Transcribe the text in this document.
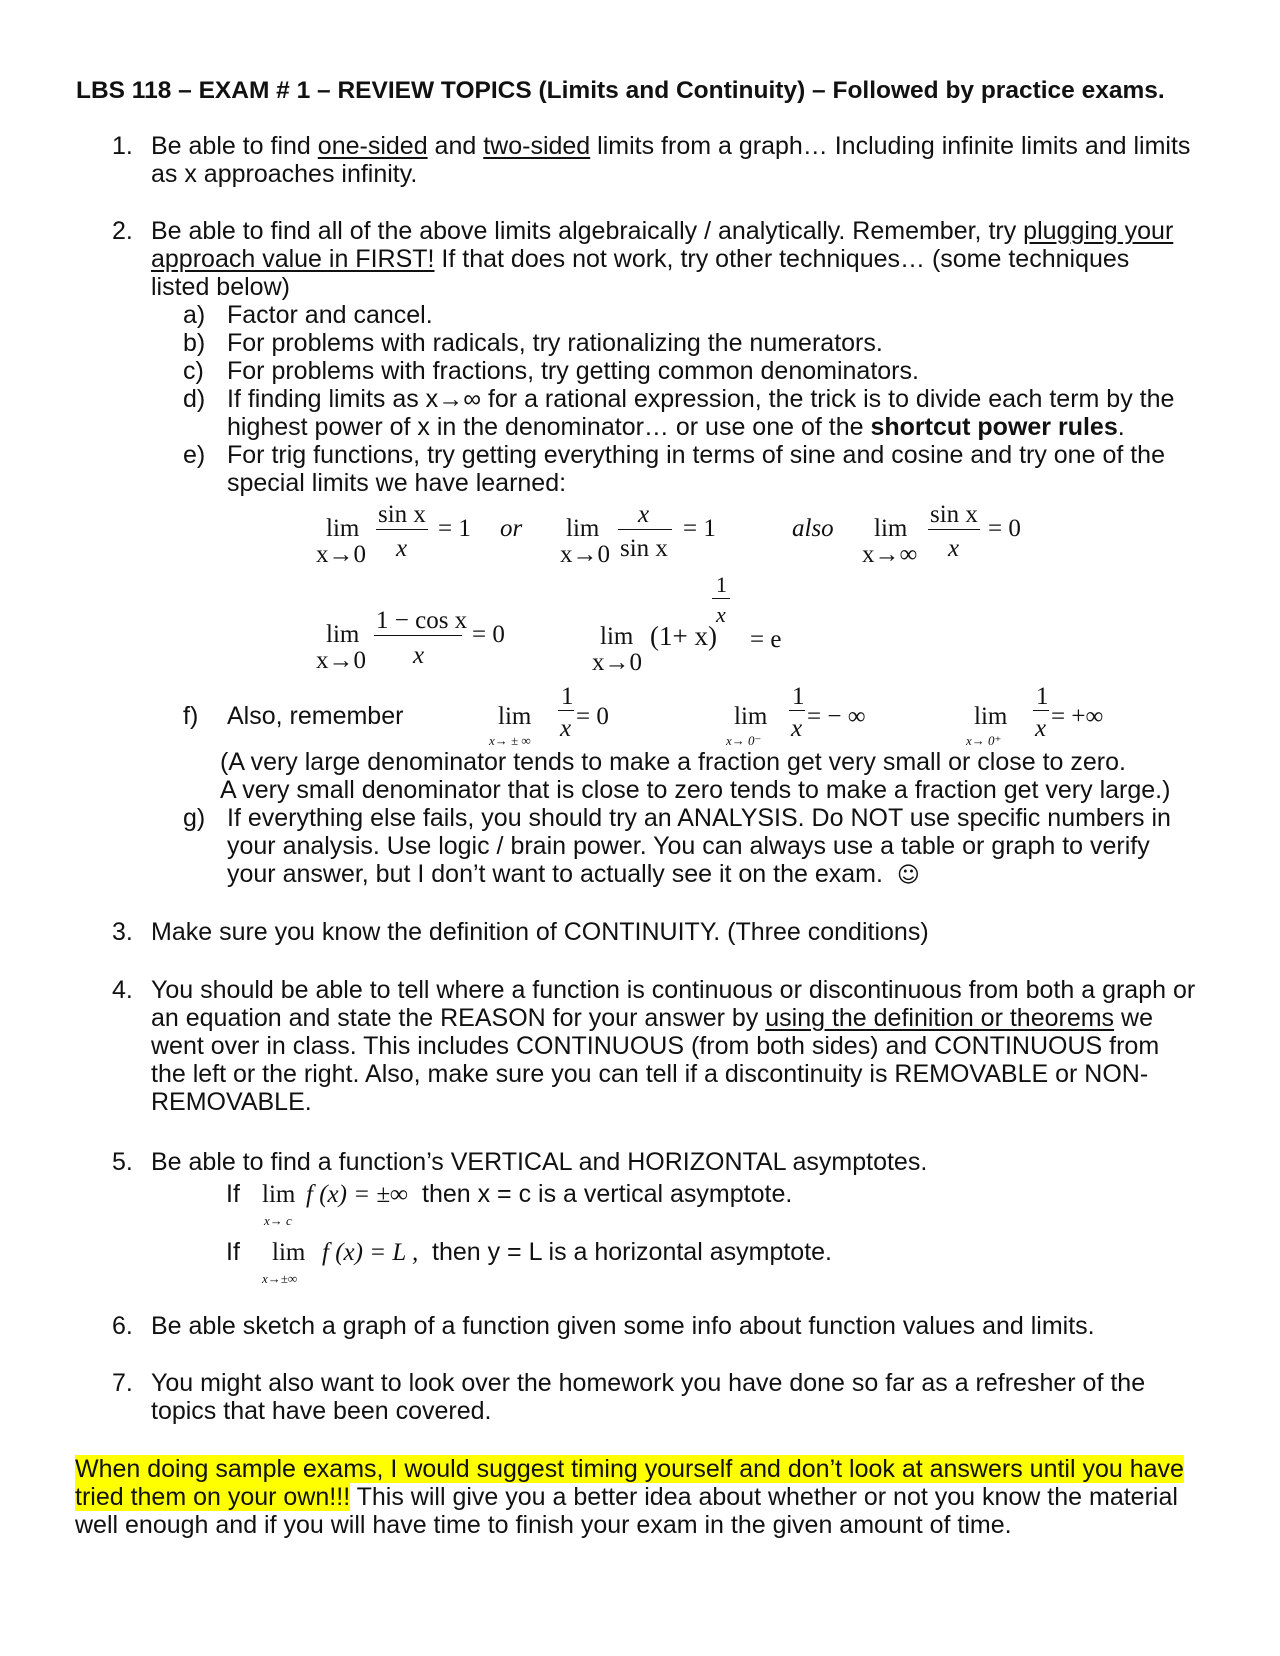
LBS 118 – EXAM # 1 – REVIEW TOPICS (Limits and Continuity) – Followed by practice exams.
1. Be able to find one-sided and two-sided limits from a graph… Including infinite limits and limits
as x approaches infinity.
2. Be able to find all of the above limits algebraically / analytically. Remember, try plugging your
approach value in FIRST! If that does not work, try other techniques… (some techniques
listed below)
a) Factor and cancel.
b) For problems with radicals, try rationalizing the numerators.
c) For problems with fractions, try getting common denominators.
d) If finding limits as x→∞ for a rational expression, the trick is to divide each term by the
highest power of x in the denominator… or use one of the shortcut power rules.
e) For trig functions, try getting everything in terms of sine and cosine and try one of the
special limits we have learned:
lim
x→0
sin x
x
= 1 or lim
x→0
x
sin x
= 1	also lim
x→∞
sin x
x
= 0
lim
x→0
1 − cos x
x
= 0	lim
x→0
(1+ x)
1
x
= e
f) Also, remember	lim
x→ ± ∞
1
x = 0	lim
x→ 0⁻
1
x = − ∞	lim
x→ 0⁺
1
x = +∞
(A very large denominator tends to make a fraction get very small or close to zero.
A very small denominator that is close to zero tends to make a fraction get very large.)
g) If everything else fails, you should try an ANALYSIS. Do NOT use specific numbers in
your analysis. Use logic / brain power. You can always use a table or graph to verify
your answer, but I don’t want to actually see it on the exam. ☺
3. Make sure you know the definition of CONTINUITY. (Three conditions)
4. You should be able to tell where a function is continuous or discontinuous from both a graph or
an equation and state the REASON for your answer by using the definition or theorems we
went over in class. This includes CONTINUOUS (from both sides) and CONTINUOUS from
the left or the right. Also, make sure you can tell if a discontinuity is REMOVABLE or NON-
REMOVABLE.
5. Be able to find a function’s VERTICAL and HORIZONTAL asymptotes.
If lim
x→ c
f (x) = ±∞ then x = c is a vertical asymptote.
If lim
x→±∞
f (x) = L , then y = L is a horizontal asymptote.
6. Be able sketch a graph of a function given some info about function values and limits.
7. You might also want to look over the homework you have done so far as a refresher of the
topics that have been covered.
When doing sample exams, I would suggest timing yourself and don’t look at answers until you have
tried them on your own!!! This will give you a better idea about whether or not you know the material
well enough and if you will have time to finish your exam in the given amount of time.
